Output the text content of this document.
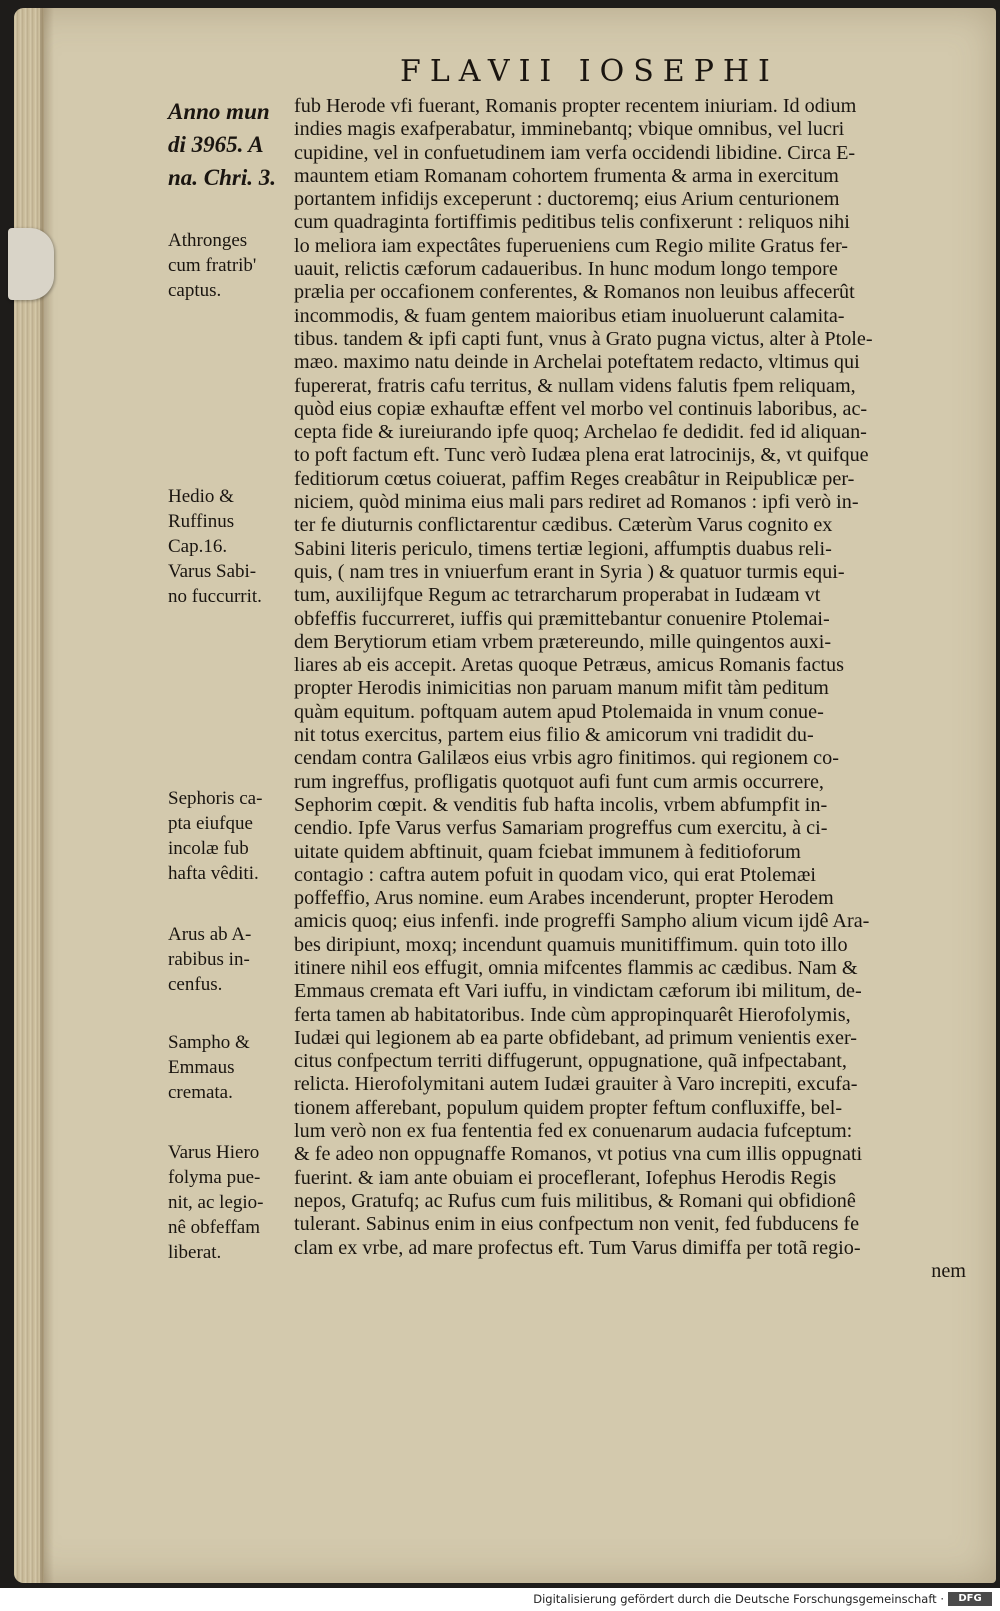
FLAVII IOSEPHI
Anno mun
di 3965. A
na. Chri. 3.
Athronges
cum fratrib'
captus.
Hedio &
Ruffinus
Cap.16.
Varus Sabi-
no fuccurrit.
Sephoris ca-
pta eiufque
incolæ fub
hafta vêditi.
Arus ab A-
rabibus in-
cenfus.
Sampho &
Emmaus
cremata.
Varus Hiero
folyma pue-
nit, ac legio-
nê obfeffam
liberat.
fub Herode vfi fuerant, Romanis propter recentem iniuriam. Id odium
indies magis exafperabatur, imminebantq; vbique omnibus, vel lucri
cupidine, vel in confuetudinem iam verfa occidendi libidine. Circa E-
mauntem etiam Romanam cohortem frumenta & arma in exercitum
portantem infidijs exceperunt : ductoremq; eius Arium centurionem
cum quadraginta fortiffimis peditibus telis confixerunt : reliquos nihi
lo meliora iam expectâtes fuperueniens cum Regio milite Gratus fer-
uauit, relictis cæforum cadaueribus. In hunc modum longo tempore
prælia per occafionem conferentes, & Romanos non leuibus affecerût
incommodis, & fuam gentem maioribus etiam inuoluerunt calamita-
tibus. tandem & ipfi capti funt, vnus à Grato pugna victus, alter à Ptole-
mæo. maximo natu deinde in Archelai poteftatem redacto, vltimus qui
fupererat, fratris cafu territus, & nullam videns falutis fpem reliquam,
quòd eius copiæ exhauftæ effent vel morbo vel continuis laboribus, ac-
cepta fide & iureiurando ipfe quoq; Archelao fe dedidit. fed id aliquan-
to poft factum eft. Tunc verò Iudæa plena erat latrocinijs, &, vt quifque
feditiorum cœtus coiuerat, paffim Reges creabâtur in Reipublicæ per-
niciem, quòd minima eius mali pars rediret ad Romanos : ipfi verò in-
ter fe diuturnis conflictarentur cædibus. Cæterùm Varus cognito ex
Sabini literis periculo, timens tertiæ legioni, affumptis duabus reli-
quis, ( nam tres in vniuerfum erant in Syria ) & quatuor turmis equi-
tum, auxilijfque Regum ac tetrarcharum properabat in Iudæam vt
obfeffis fuccurreret, iuffis qui præmittebantur conuenire Ptolemai-
dem Berytiorum etiam vrbem prætereundo, mille quingentos auxi-
liares ab eis accepit. Aretas quoque Petræus, amicus Romanis factus
propter Herodis inimicitias non paruam manum mifit tàm peditum
quàm equitum. poftquam autem apud Ptolemaida in vnum conue-
nit totus exercitus, partem eius filio & amicorum vni tradidit du-
cendam contra Galilæos eius vrbis agro finitimos. qui regionem co-
rum ingreffus, profligatis quotquot aufi funt cum armis occurrere,
Sephorim cœpit. & venditis fub hafta incolis, vrbem abfumpfit in-
cendio. Ipfe Varus verfus Samariam progreffus cum exercitu, à ci-
uitate quidem abftinuit, quam fciebat immunem à feditioforum
contagio : caftra autem pofuit in quodam vico, qui erat Ptolemæi
poffeffio, Arus nomine. eum Arabes incenderunt, propter Herodem
amicis quoq; eius infenfi. inde progreffi Sampho alium vicum ijdê Ara-
bes diripiunt, moxq; incendunt quamuis munitiffimum. quin toto illo
itinere nihil eos effugit, omnia mifcentes flammis ac cædibus. Nam &
Emmaus cremata eft Vari iuffu, in vindictam cæforum ibi militum, de-
ferta tamen ab habitatoribus. Inde cùm appropinquarêt Hierofolymis,
Iudæi qui legionem ab ea parte obfidebant, ad primum venientis exer-
citus confpectum territi diffugerunt, oppugnatione, quã infpectabant,
relicta. Hierofolymitani autem Iudæi grauiter à Varo increpiti, excufa-
tionem afferebant, populum quidem propter feftum confluxiffe, bel-
lum verò non ex fua fententia fed ex conuenarum audacia fufceptum:
& fe adeo non oppugnaffe Romanos, vt potius vna cum illis oppugnati
fuerint. & iam ante obuiam ei proceflerant, Iofephus Herodis Regis
nepos, Gratufq; ac Rufus cum fuis militibus, & Romani qui obfidionê
tulerant. Sabinus enim in eius confpectum non venit, fed fubducens fe
clam ex vrbe, ad mare profectus eft. Tum Varus dimiffa per totã regio-
nem
Digitalisierung gefördert durch die Deutsche Forschungsgemeinschaft ·	DFG
